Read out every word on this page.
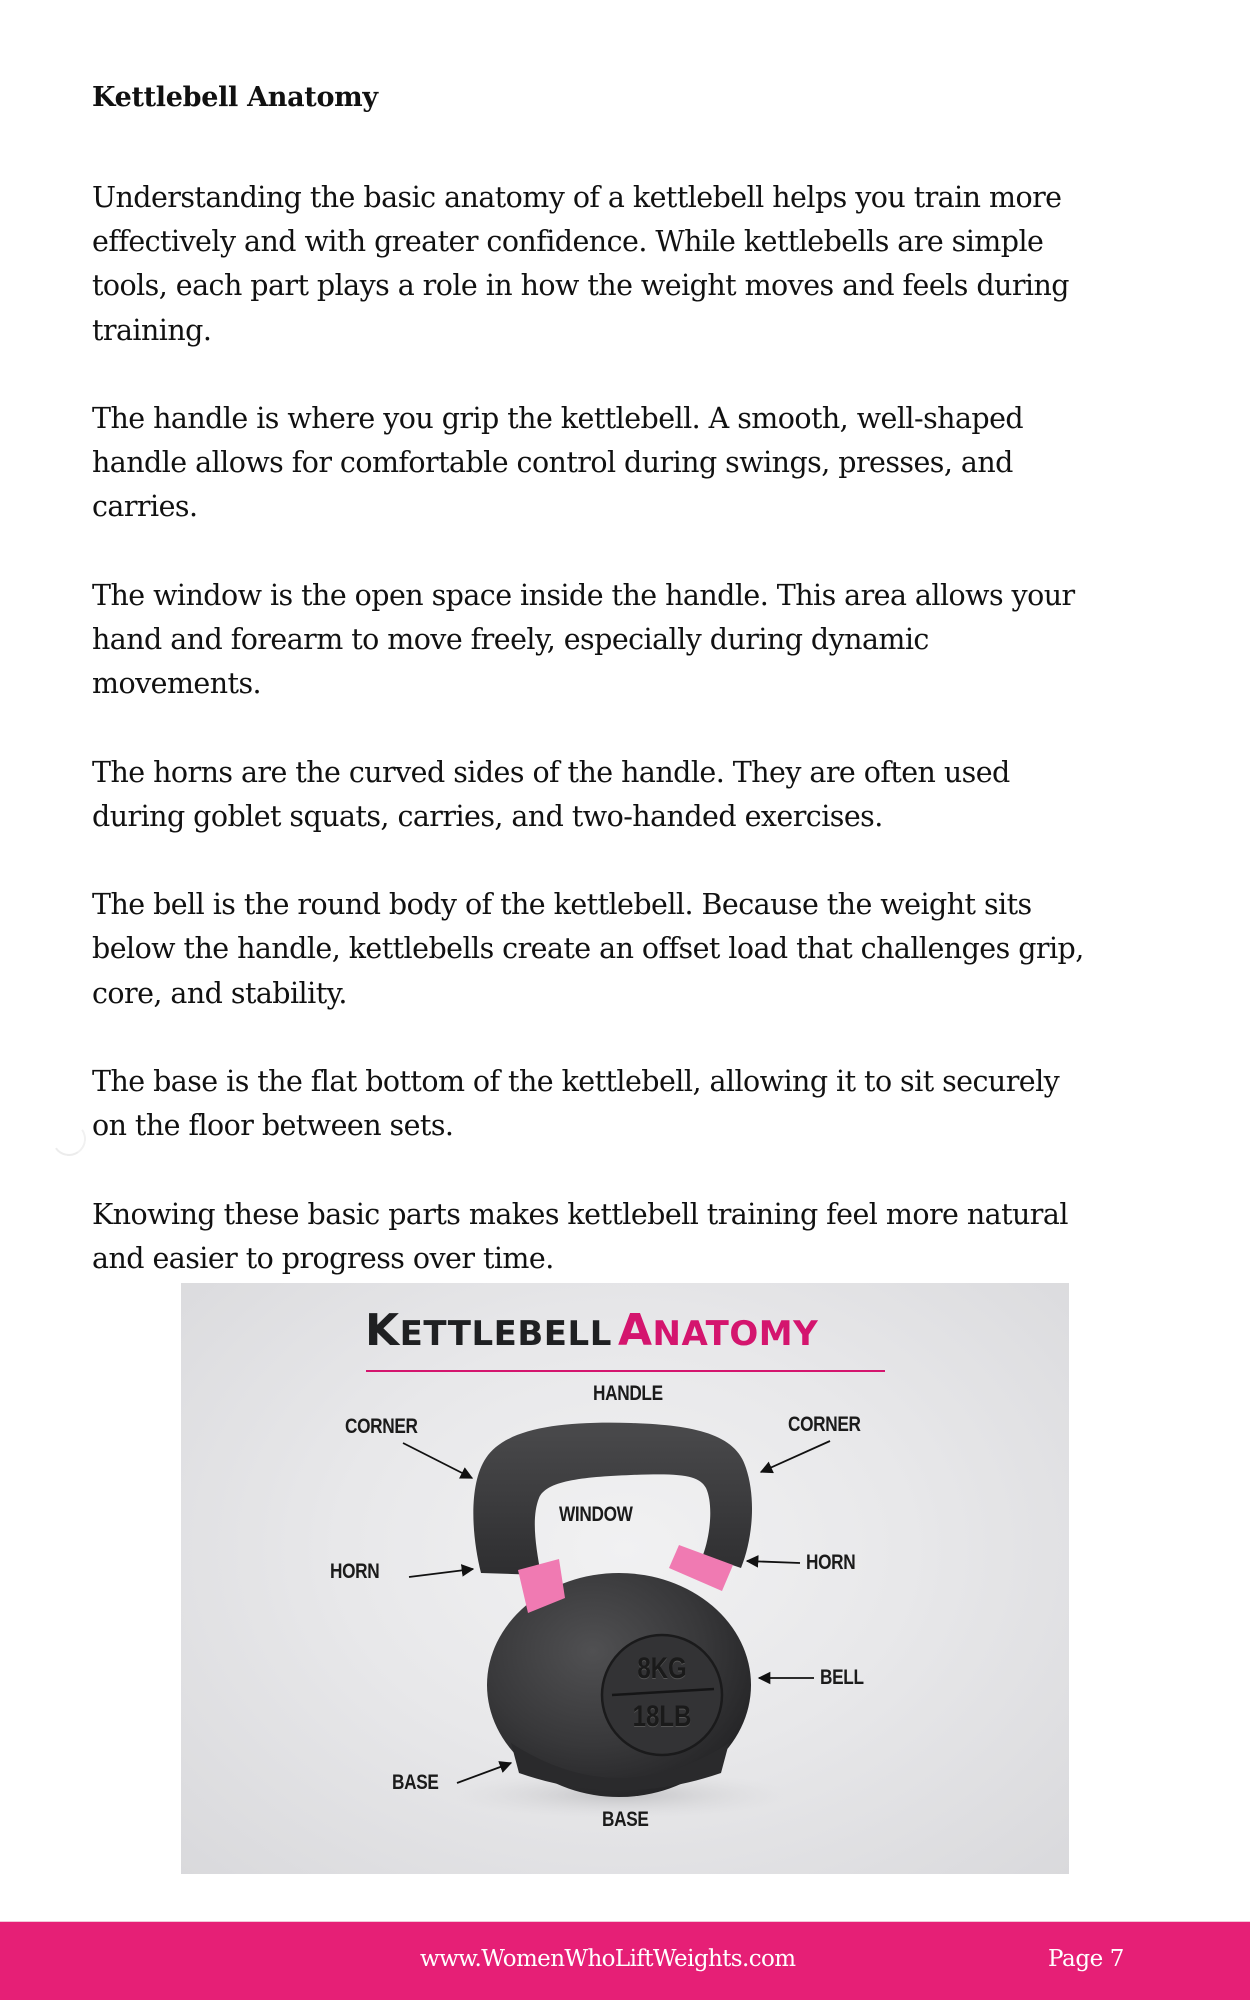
Kettlebell Anatomy
Understanding the basic anatomy of a kettlebell helps you train more
effectively and with greater confidence. While kettlebells are simple
tools, each part plays a role in how the weight moves and feels during
training.
The handle is where you grip the kettlebell. A smooth, well-shaped
handle allows for comfortable control during swings, presses, and
carries.
The window is the open space inside the handle. This area allows your
hand and forearm to move freely, especially during dynamic
movements.
The horns are the curved sides of the handle. They are often used
during goblet squats, carries, and two-handed exercises.
The bell is the round body of the kettlebell. Because the weight sits
below the handle, kettlebells create an offset load that challenges grip,
core, and stability.
The base is the flat bottom of the kettlebell, allowing it to sit securely
on the floor between sets.
Knowing these basic parts makes kettlebell training feel more natural
and easier to progress over time.
KETTLEBELL ANATOMY
HANDLE
CORNER	CORNER
WINDOW
HORN	HORN
BELL
BASE
BASE
8KG
18LB
www.WomenWhoLiftWeights.com	Page 7
